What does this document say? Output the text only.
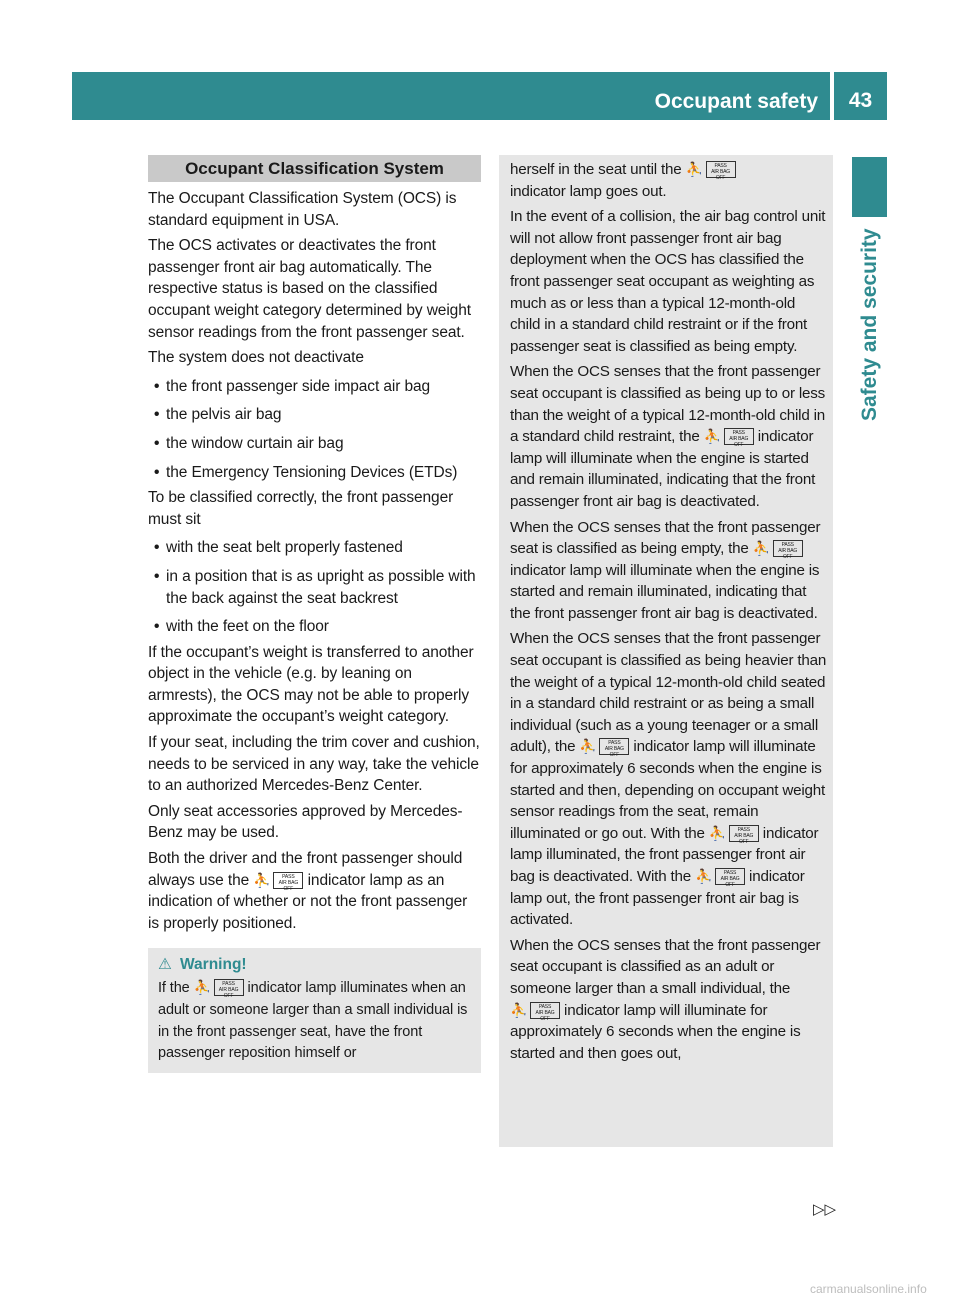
Occupant safety	43
Safety and security
Occupant Classification System

The Occupant Classification System (OCS) is standard equipment in USA.

The OCS activates or deactivates the front passenger front air bag automatically. The respective status is based on the classified occupant weight category determined by weight sensor readings from the front passenger seat.

The system does not deactivate

• the front passenger side impact air bag

• the pelvis air bag

• the window curtain air bag

• the Emergency Tensioning Devices (ETDs)

To be classified correctly, the front passenger must sit

• with the seat belt properly fastened

• in a position that is as upright as possible with the back against the seat backrest

• with the feet on the floor

If the occupant’s weight is transferred to another object in the vehicle (e.g. by leaning on armrests), the OCS may not be able to properly approximate the occupant’s weight category.

If your seat, including the trim cover and cushion, needs to be serviced in any way, take the vehicle to an authorized Mercedes-Benz Center.

Only seat accessories approved by Mercedes-Benz may be used.

Both the driver and the front passenger should always use the ⛹	PASS
AIR BAG OFF indicator lamp as an indication of whether or not the front passenger is properly positioned.

⚠ Warning!

If the ⛹	PASS
AIR BAG OFF indicator lamp illuminates when an adult or someone larger than a small individual is in the front passenger seat, have the front passenger reposition himself or

herself in the seat until the ⛹	PASS
AIR BAG OFF

indicator lamp goes out.

In the event of a collision, the air bag control unit will not allow front passenger front air bag deployment when the OCS has classified the front passenger seat occupant as weighting as much as or less than a typical 12-month-old child in a standard child restraint or if the front passenger seat is classified as being empty.

When the OCS senses that the front passenger seat occupant is classified as being up to or less than the weight of a typical 12-month-old child in a standard child restraint, the ⛹	PASS
AIR BAG OFF indicator lamp will illuminate when the engine is started and remain illuminated, indicating that the front passenger front air bag is deactivated.

When the OCS senses that the front passenger seat is classified as being empty, the ⛹	PASS
AIR BAG OFF
indicator lamp will illuminate when the engine is started and remain illuminated, indicating that the front passenger front air bag is deactivated.

When the OCS senses that the front passenger seat occupant is classified as being heavier than the weight of a typical 12-month-old child seated in a standard child restraint or as being a small individual (such as a young teenager or a small adult), the ⛹	PASS
AIR BAG OFF indicator lamp will illuminate for approximately 6 seconds when the engine is started and then, depending on occupant weight sensor readings from the seat, remain illuminated or go out. With the ⛹	PASS
AIR BAG OFF indicator lamp illuminated, the front passenger front air bag is deactivated. With the ⛹	PASS
AIR BAG OFF indicator lamp out, the front passenger front air bag is activated.

When the OCS senses that the front passenger seat occupant is classified as an adult or someone larger than a small individual, the
⛹	PASS
AIR BAG OFF indicator lamp will illuminate for approximately 6 seconds when the engine is started and then goes out,

▷▷
carmanualsonline.info
